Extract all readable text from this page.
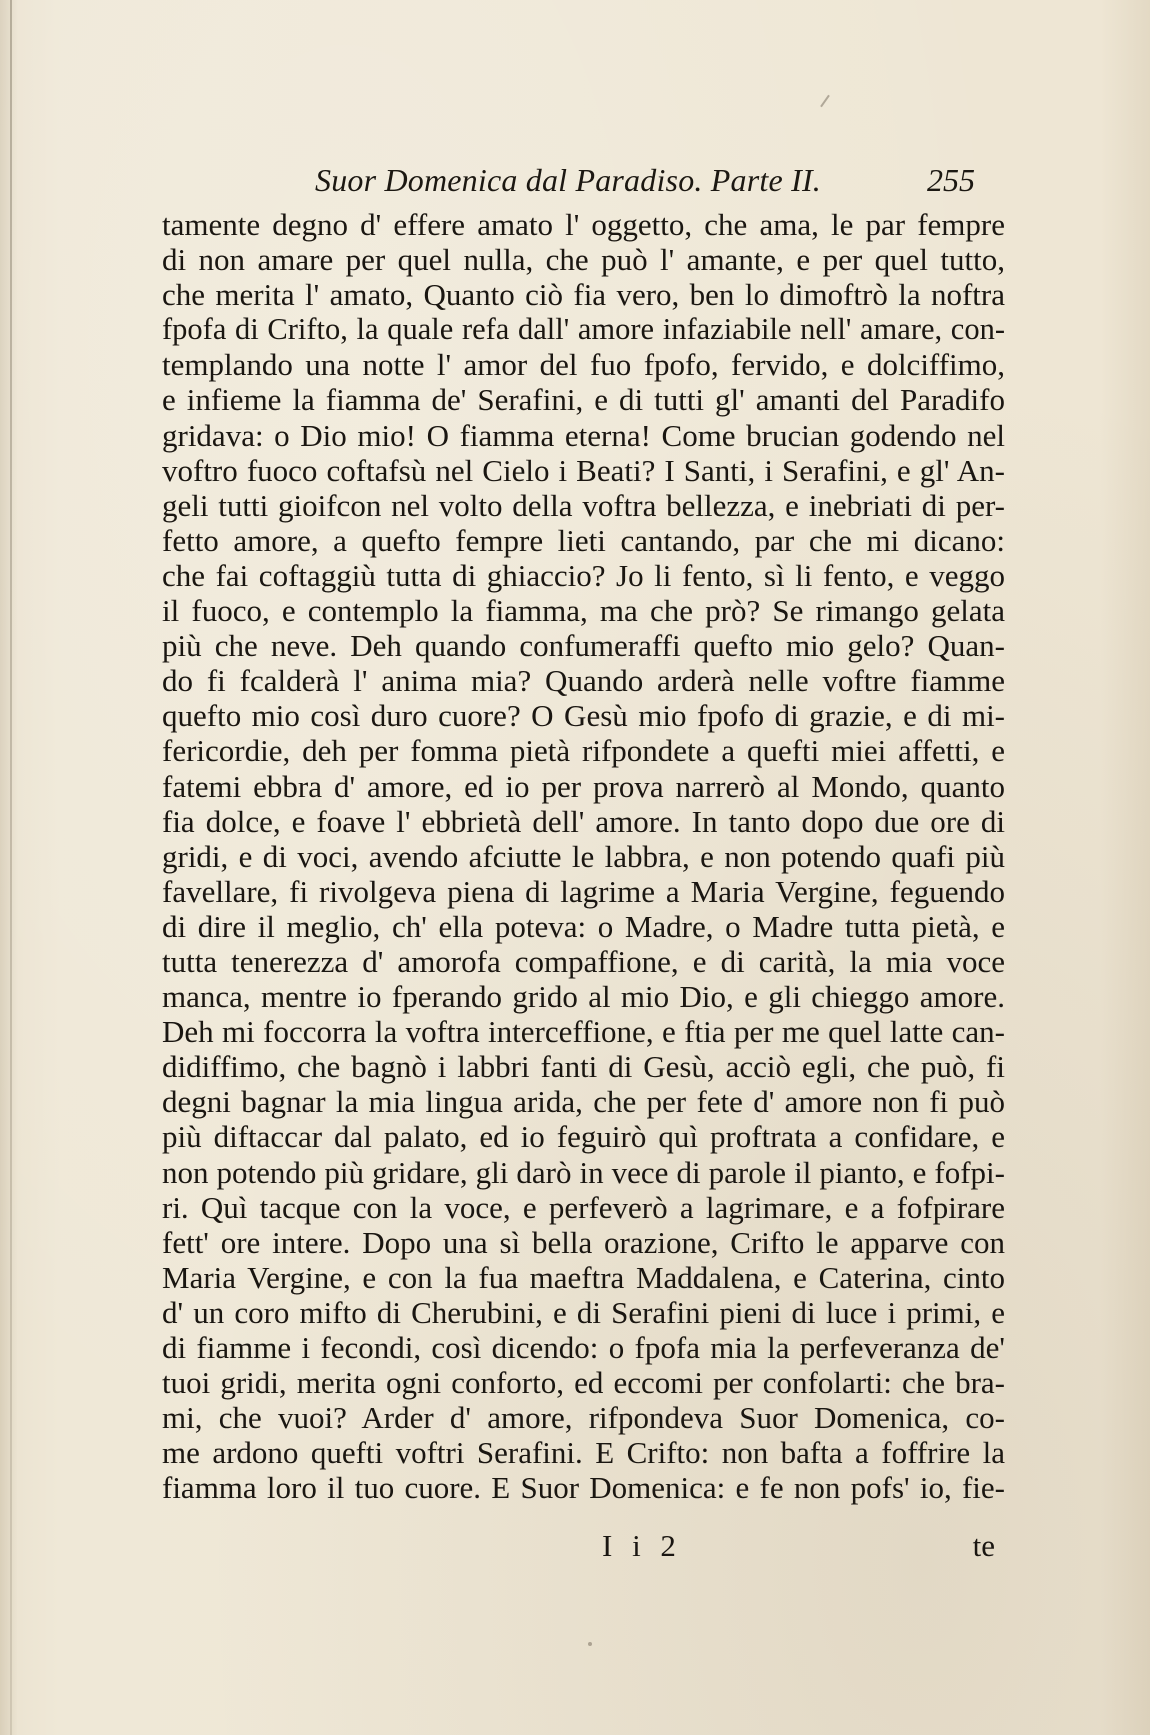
Suor Domenica dal Paradiso. Parte II.	255
tamente degno d' effere amato l' oggetto, che ama, le par fempre
di non amare per quel nulla, che può l' amante, e per quel tutto,
che merita l' amato, Quanto ciò fia vero, ben lo dimoftrò la noftra
fpofa di Crifto, la quale refa dall' amore infaziabile nell' amare, con-
templando una notte l' amor del fuo fpofo, fervido, e dolciffimo,
e infieme la fiamma de' Serafini, e di tutti gl' amanti del Paradifo
gridava: o Dio mio! O fiamma eterna! Come brucian godendo nel
voftro fuoco coftafsù nel Cielo i Beati? I Santi, i Serafini, e gl' An-
geli tutti gioifcon nel volto della voftra bellezza, e inebriati di per-
fetto amore, a quefto fempre lieti cantando, par che mi dicano:
che fai coftaggiù tutta di ghiaccio? Jo li fento, sì li fento, e veggo
il fuoco, e contemplo la fiamma, ma che prò? Se rimango gelata
più che neve. Deh quando confumeraffi quefto mio gelo? Quan-
do fi fcalderà l' anima mia? Quando arderà nelle voftre fiamme
quefto mio così duro cuore? O Gesù mio fpofo di grazie, e di mi-
fericordie, deh per fomma pietà rifpondete a quefti miei affetti, e
fatemi ebbra d' amore, ed io per prova narrerò al Mondo, quanto
fia dolce, e foave l' ebbrietà dell' amore. In tanto dopo due ore di
gridi, e di voci, avendo afciutte le labbra, e non potendo quafi più
favellare, fi rivolgeva piena di lagrime a Maria Vergine, feguendo
di dire il meglio, ch' ella poteva: o Madre, o Madre tutta pietà, e
tutta tenerezza d' amorofa compaffione, e di carità, la mia voce
manca, mentre io fperando grido al mio Dio, e gli chieggo amore.
Deh mi foccorra la voftra interceffione, e ftia per me quel latte can-
didiffimo, che bagnò i labbri fanti di Gesù, acciò egli, che può, fi
degni bagnar la mia lingua arida, che per fete d' amore non fi può
più diftaccar dal palato, ed io feguirò quì proftrata a confidare, e
non potendo più gridare, gli darò in vece di parole il pianto, e fofpi-
ri. Quì tacque con la voce, e perfeverò a lagrimare, e a fofpirare
fett' ore intere. Dopo una sì bella orazione, Crifto le apparve con
Maria Vergine, e con la fua maeftra Maddalena, e Caterina, cinto
d' un coro mifto di Cherubini, e di Serafini pieni di luce i primi, e
di fiamme i fecondi, così dicendo: o fpofa mia la perfeveranza de'
tuoi gridi, merita ogni conforto, ed eccomi per confolarti: che bra-
mi, che vuoi? Arder d' amore, rifpondeva Suor Domenica, co-
me ardono quefti voftri Serafini. E Crifto: non bafta a foffrire la
fiamma loro il tuo cuore. E Suor Domenica: e fe non pofs' io, fie-
I i 2	te
